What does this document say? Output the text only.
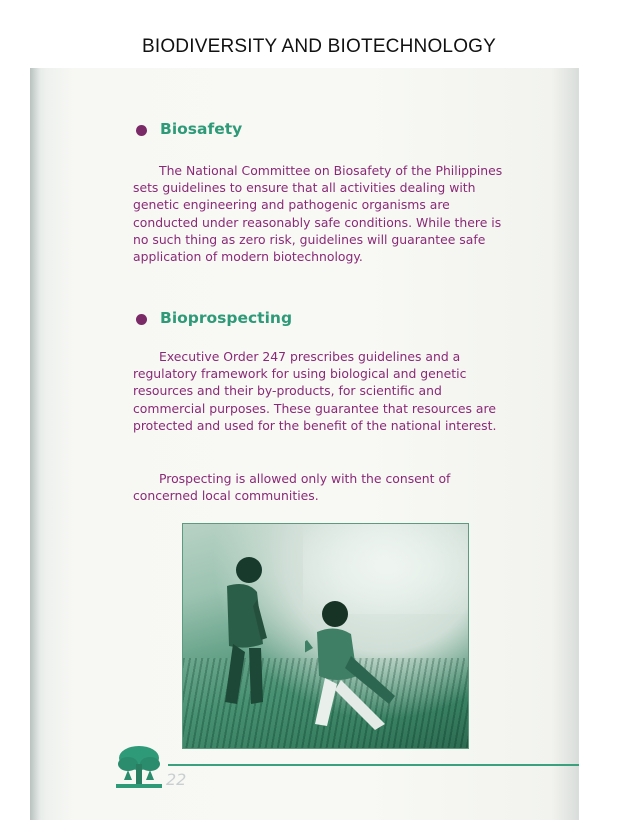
BIODIVERSITY AND BIOTECHNOLOGY
Biosafety
The National Committee on Biosafety of the Philippines sets guidelines to ensure that all activities dealing with genetic engineering and pathogenic organisms are conducted under reasonably safe conditions. While there is no such thing as zero risk, guidelines will guarantee safe application of modern biotechnology.
Bioprospecting
Executive Order 247 prescribes guidelines and a regulatory framework for using biological and genetic resources and their by-products, for scientific and commercial purposes. These guarantee that resources are protected and used for the benefit of the national interest.
Prospecting is allowed only with the consent of concerned local communities.
22
